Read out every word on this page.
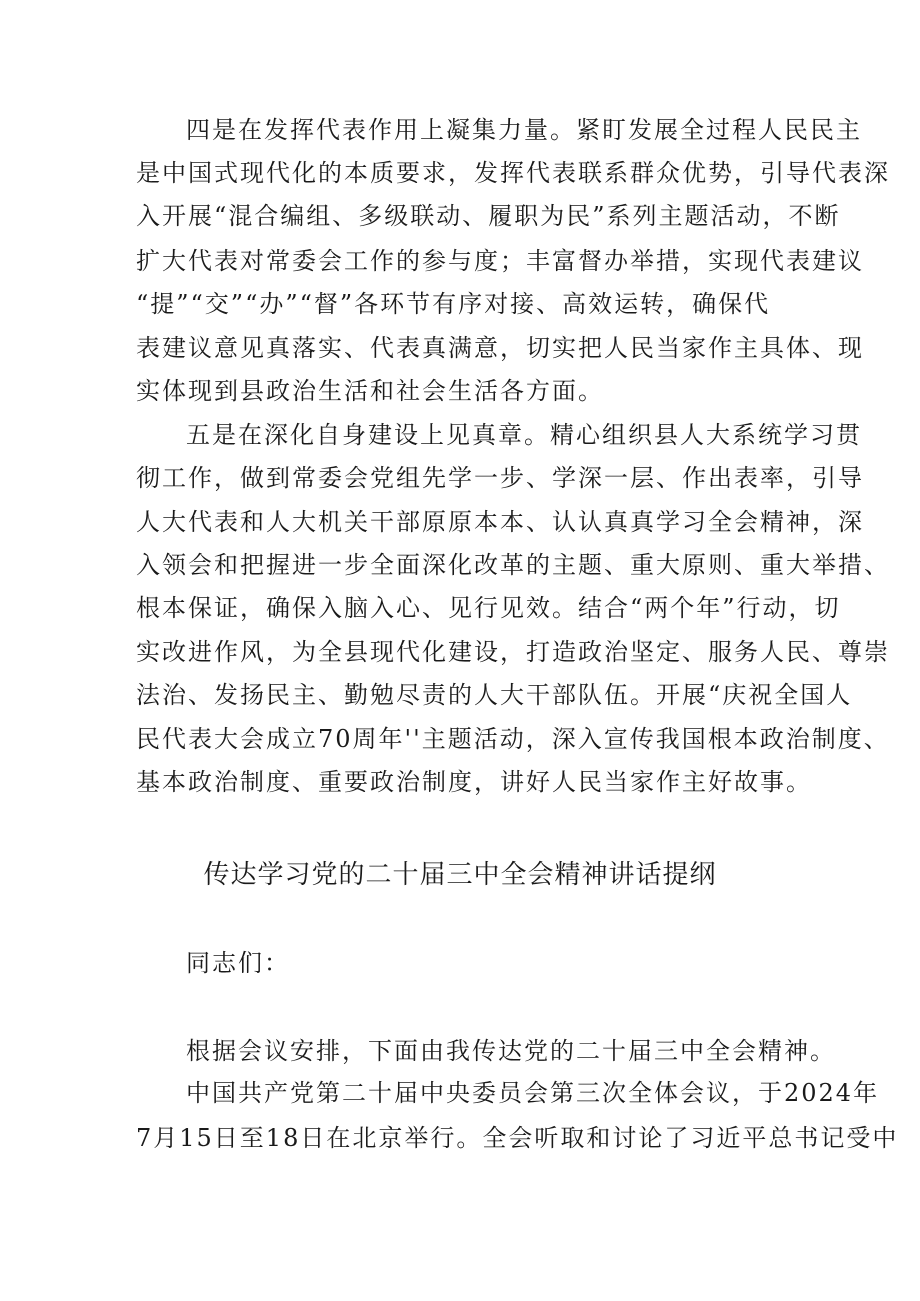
四是在发挥代表作用上凝集力量。紧盯发展全过程人民民主
是中国式现代化的本质要求，发挥代表联系群众优势，引导代表深
入开展“混合编组、多级联动、履职为民”系列主题活动，不断
扩大代表对常委会工作的参与度；丰富督办举措，实现代表建议
“提”“交”“办”“督”各环节有序对接、高效运转，确保代
表建议意见真落实、代表真满意，切实把人民当家作主具体、现
实体现到县政治生活和社会生活各方面。
五是在深化自身建设上见真章。精心组织县人大系统学习贯
彻工作，做到常委会党组先学一步、学深一层、作出表率，引导
人大代表和人大机关干部原原本本、认认真真学习全会精神，深
入领会和把握进一步全面深化改革的主题、重大原则、重大举措、
根本保证，确保入脑入心、见行见效。结合“两个年”行动，切
实改进作风，为全县现代化建设，打造政治坚定、服务人民、尊崇
法治、发扬民主、勤勉尽责的人大干部队伍。开展“庆祝全国人
民代表大会成立70周年''主题活动，深入宣传我国根本政治制度、
基本政治制度、重要政治制度，讲好人民当家作主好故事。
传达学习党的二十届三中全会精神讲话提纲
同志们：
根据会议安排，下面由我传达党的二十届三中全会精神。
中国共产党第二十届中央委员会第三次全体会议，于2024年
7月15日至18日在北京举行。全会听取和讨论了习近平总书记受中
